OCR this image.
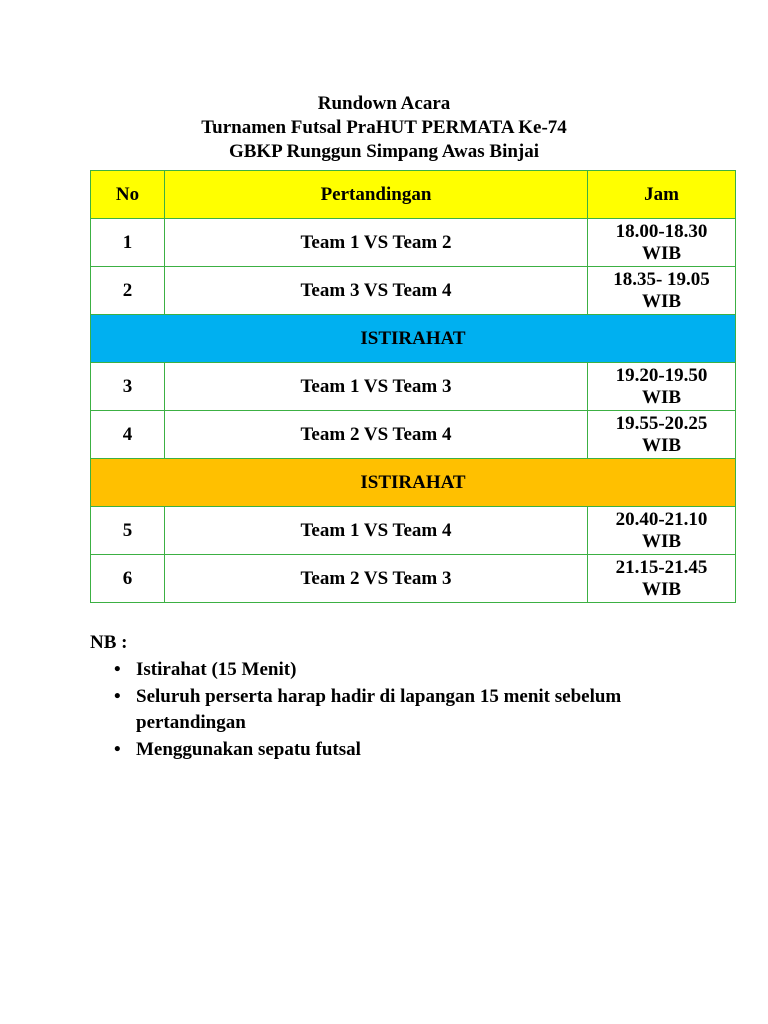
Rundown Acara
Turnamen Futsal PraHUT PERMATA Ke-74
GBKP Runggun Simpang Awas Binjai
No	Pertandingan	Jam
1	Team 1 VS Team 2	18.00-18.30
WIB

2	Team 3 VS Team 4	18.35- 19.05
WIB

ISTIRAHAT		
3	Team 1 VS Team 3	19.20-19.50
WIB

4	Team 2 VS Team 4	19.55-20.25
WIB

ISTIRAHAT		
5	Team 1 VS Team 4	20.40-21.10
WIB

6	Team 2 VS Team 3	21.15-21.45
WIB
NB :
• Istirahat (15 Menit)
• Seluruh perserta harap hadir di lapangan 15 menit sebelum
pertandingan
• Menggunakan sepatu futsal
